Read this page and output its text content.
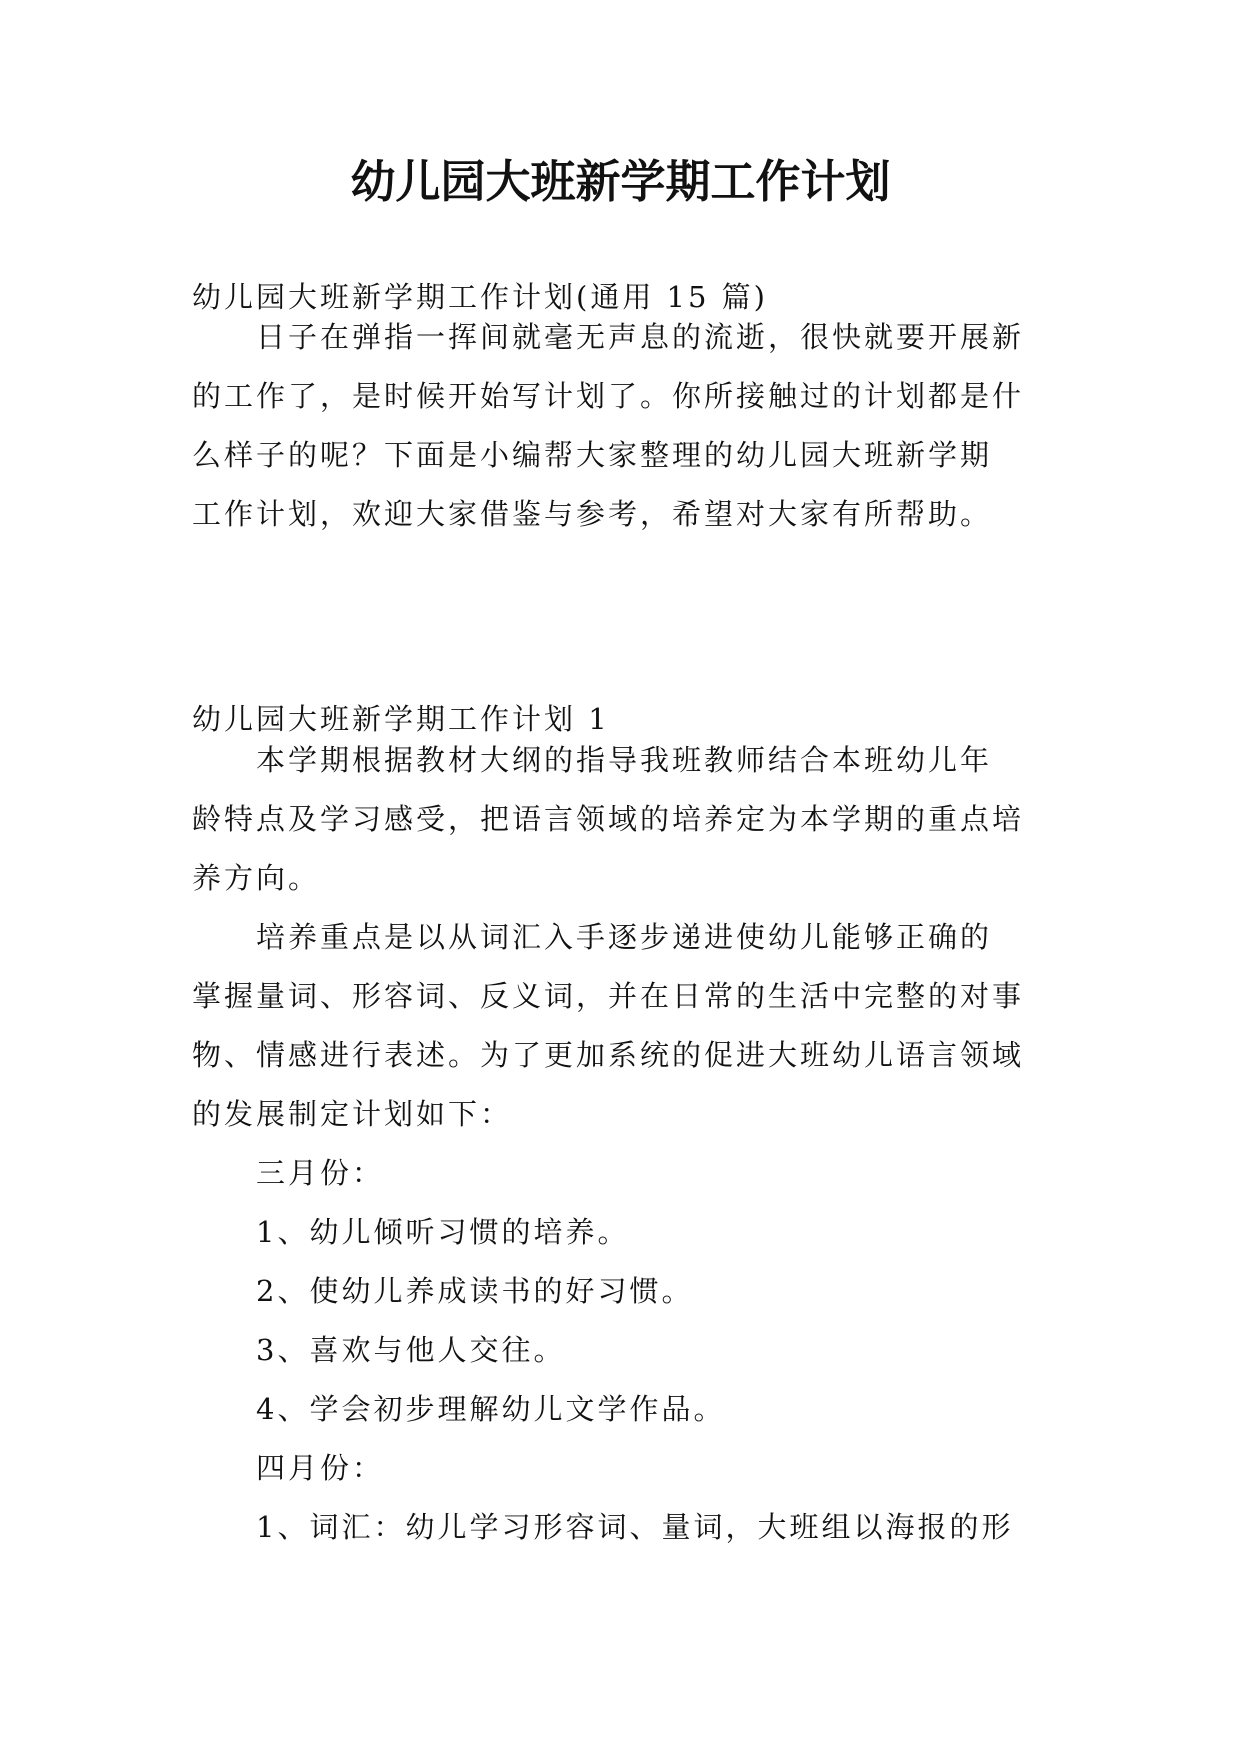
幼儿园大班新学期工作计划
幼儿园大班新学期工作计划(通用 15 篇)
日子在弹指一挥间就毫无声息的流逝，很快就要开展新
的工作了，是时候开始写计划了。你所接触过的计划都是什
么样子的呢？下面是小编帮大家整理的幼儿园大班新学期
工作计划，欢迎大家借鉴与参考，希望对大家有所帮助。
幼儿园大班新学期工作计划 1
本学期根据教材大纲的指导我班教师结合本班幼儿年
龄特点及学习感受，把语言领域的培养定为本学期的重点培
养方向。
培养重点是以从词汇入手逐步递进使幼儿能够正确的
掌握量词、形容词、反义词，并在日常的生活中完整的对事
物、情感进行表述。为了更加系统的促进大班幼儿语言领域
的发展制定计划如下：
三月份：
1、幼儿倾听习惯的培养。
2、使幼儿养成读书的好习惯。
3、喜欢与他人交往。
4、学会初步理解幼儿文学作品。
四月份：
1、词汇：幼儿学习形容词、量词，大班组以海报的形
